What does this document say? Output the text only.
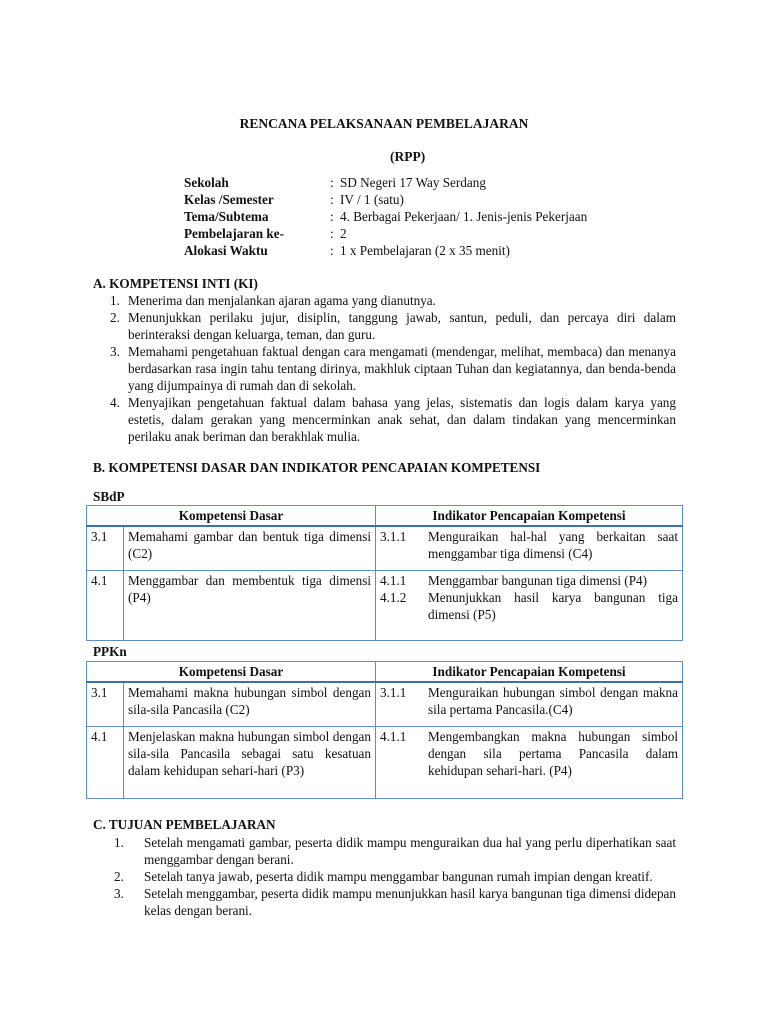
RENCANA PELAKSANAAN PEMBELAJARAN
(RPP)
Sekolah	: SD Negeri 17 Way Serdang
Kelas /Semester	: IV / 1 (satu)
Tema/Subtema	: 4. Berbagai Pekerjaan/ 1. Jenis-jenis Pekerjaan
Pembelajaran ke-	: 2
Alokasi Waktu	: 1 x Pembelajaran (2 x 35 menit)
A. KOMPETENSI INTI (KI)
1. Menerima dan menjalankan ajaran agama yang dianutnya.
2. Menunjukkan perilaku jujur, disiplin, tanggung jawab, santun, peduli, dan percaya diri dalam berinteraksi dengan keluarga, teman, dan guru.
3. Memahami pengetahuan faktual dengan cara mengamati (mendengar, melihat, membaca) dan menanya berdasarkan rasa ingin tahu tentang dirinya, makhluk ciptaan Tuhan dan kegiatannya, dan benda-benda yang dijumpainya di rumah dan di sekolah.
4. Menyajikan pengetahuan faktual dalam bahasa yang jelas, sistematis dan logis dalam karya yang estetis, dalam gerakan yang mencerminkan anak sehat, dan dalam tindakan yang mencerminkan perilaku anak beriman dan berakhlak mulia.
B. KOMPETENSI DASAR DAN INDIKATOR PENCAPAIAN KOMPETENSI
SBdP
Kompetensi Dasar		Indikator Pencapaian Kompetensi
3.1	Memahami gambar dan bentuk tiga dimensi (C2)	3.1.1 Menguraikan hal-hal yang berkaitan saat menggambar tiga dimensi (C4)

4.1	Menggambar dan membentuk tiga dimensi (P4)	4.1.1 Menggambar bangunan tiga dimensi (P4)
4.1.2 Menunjukkan hasil karya bangunan tiga dimensi (P5)
PPKn
Kompetensi Dasar		Indikator Pencapaian Kompetensi
3.1	Memahami makna hubungan simbol dengan sila-sila Pancasila (C2)	3.1.1 Menguraikan hubungan simbol dengan makna sila pertama Pancasila.(C4)

4.1	Menjelaskan makna hubungan simbol dengan sila-sila Pancasila sebagai satu kesatuan dalam kehidupan sehari-hari (P3)	4.1.1 Mengembangkan makna hubungan simbol dengan sila pertama Pancasila dalam kehidupan sehari-hari. (P4)
C. TUJUAN PEMBELAJARAN
1. Setelah mengamati gambar, peserta didik mampu menguraikan dua hal yang perlu diperhatikan saat menggambar dengan berani.
2. Setelah tanya jawab, peserta didik mampu menggambar bangunan rumah impian dengan kreatif.
3. Setelah menggambar, peserta didik mampu menunjukkan hasil karya bangunan tiga dimensi didepan kelas dengan berani.
